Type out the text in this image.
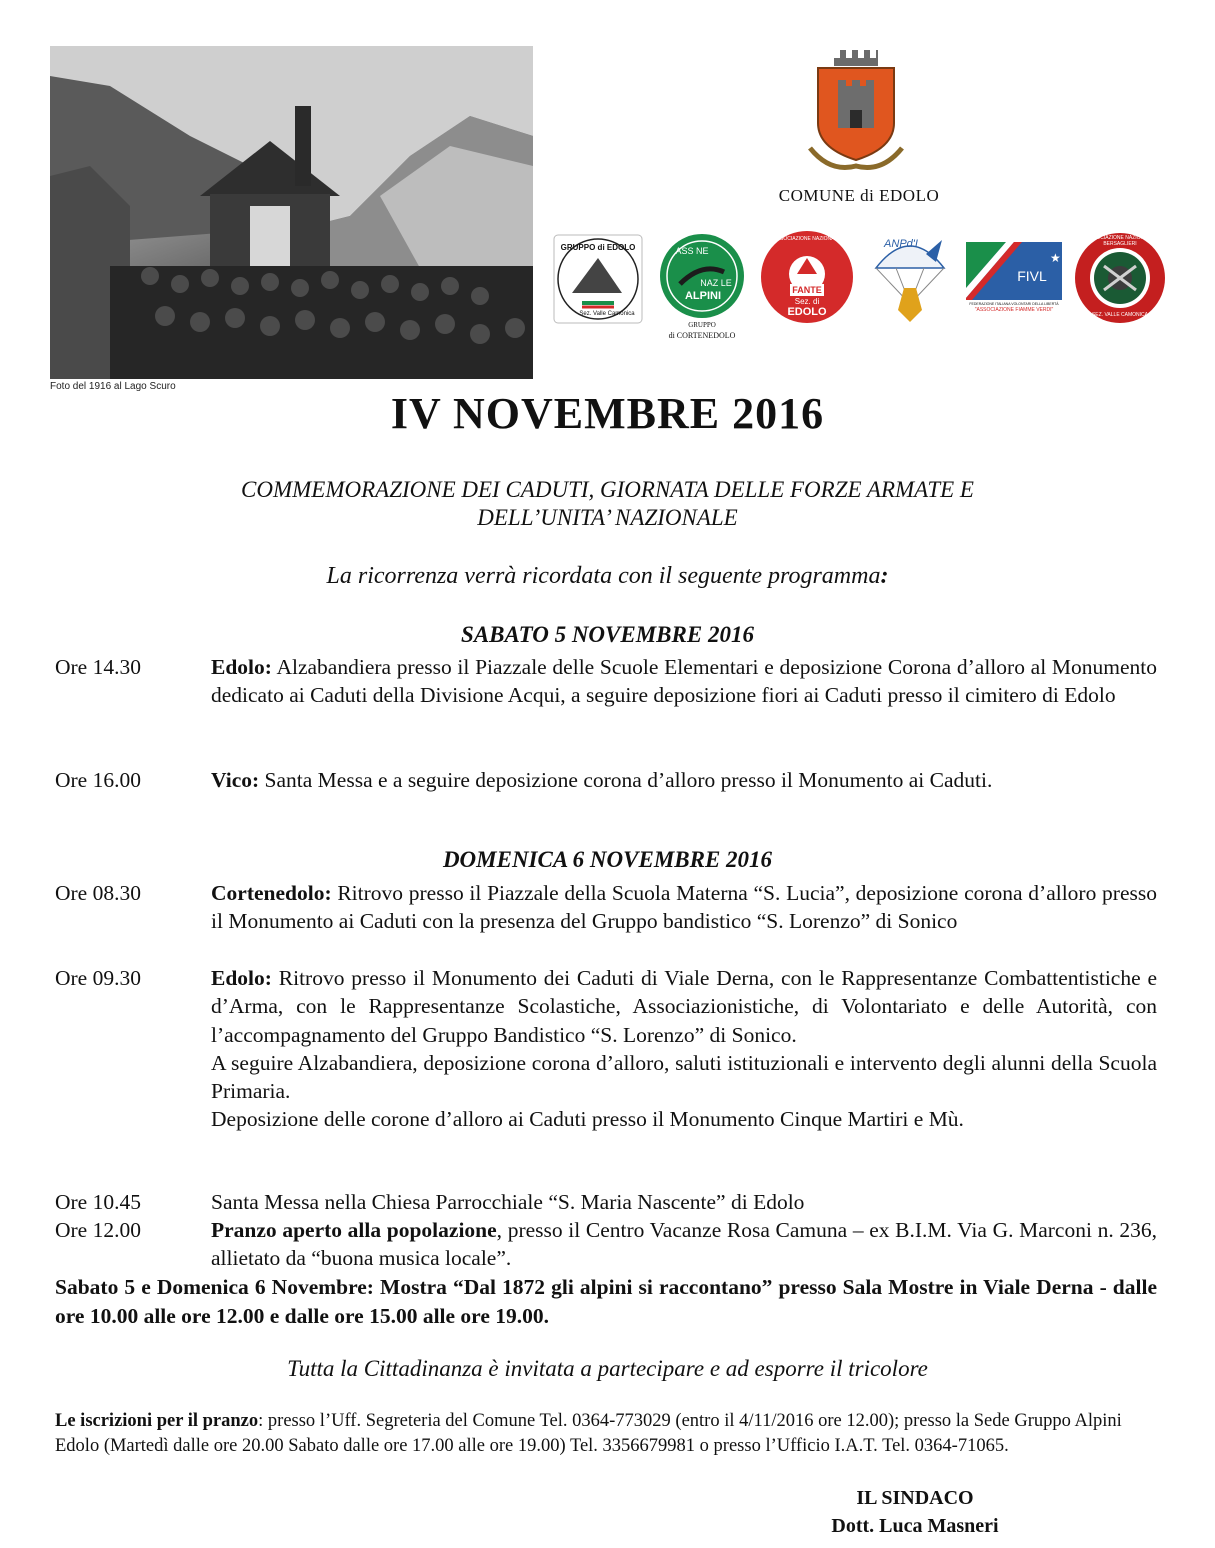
Foto del 1916 al Lago Scuro
COMUNE di EDOLO
GRUPPO di EDOLO
Sez. Valle Camonica
ASS NE
NAZ LE
ALPINI
GRUPPO
di CORTENEDOLO
ASSOCIAZIONE NAZIONALE
FANTE
Sez. di
EDOLO
ANPd'I
★
FIVL
FEDERAZIONE ITALIANA VOLONTARI DELLA LIBERTÀ
"ASSOCIAZIONE FIAMME VERDI"
ASSOCIAZIONE NAZIONALE BERSAGLIERI
SEZ. VALLE CAMONICA
IV NOVEMBRE 2016
COMMEMORAZIONE DEI CADUTI, GIORNATA DELLE FORZE ARMATE E
DELL’UNITA’ NAZIONALE
La ricorrenza verrà ricordata con il seguente programma:
SABATO 5 NOVEMBRE 2016
Ore 14.30	Edolo: Alzabandiera presso il Piazzale delle Scuole Elementari e deposizione Corona d’alloro al Monumento dedicato ai Caduti della Divisione Acqui, a seguire deposizione fiori ai Caduti presso il cimitero di Edolo
Ore 16.00	Vico: Santa Messa e a seguire deposizione corona d’alloro presso il Monumento ai Caduti.
DOMENICA 6 NOVEMBRE 2016
Ore 08.30	Cortenedolo: Ritrovo presso il Piazzale della Scuola Materna “S. Lucia”, deposizione corona d’alloro presso il Monumento ai Caduti con la presenza del Gruppo bandistico “S. Lorenzo” di Sonico
Ore 09.30	Edolo: Ritrovo presso il Monumento dei Caduti di Viale Derna, con le Rappresentanze Combattentistiche e d’Arma, con le Rappresentanze Scolastiche, Associazionistiche, di Volontariato e delle Autorità, con l’accompagnamento del Gruppo Bandistico “S. Lorenzo” di Sonico.

A seguire Alzabandiera, deposizione corona d’alloro, saluti istituzionali e intervento degli alunni della Scuola Primaria.

Deposizione delle corone d’alloro ai Caduti presso il Monumento Cinque Martiri e Mù.

Ore 10.45	Santa Messa nella Chiesa Parrocchiale “S. Maria Nascente” di Edolo
Ore 12.00	Pranzo aperto alla popolazione, presso il Centro Vacanze Rosa Camuna – ex B.I.M. Via G. Marconi n. 236, allietato da “buona musica locale”.
Sabato 5 e Domenica 6 Novembre: Mostra “Dal 1872 gli alpini si raccontano” presso Sala Mostre in Viale Derna - dalle ore 10.00 alle ore 12.00 e dalle ore 15.00 alle ore 19.00.
Tutta la Cittadinanza è invitata a partecipare e ad esporre il tricolore
Le iscrizioni per il pranzo: presso l’Uff. Segreteria del Comune Tel. 0364-773029 (entro il 4/11/2016 ore 12.00); presso la Sede Gruppo Alpini Edolo (Martedì dalle ore 20.00 Sabato dalle ore 17.00 alle ore 19.00) Tel. 3356679981 o presso l’Ufficio I.A.T. Tel. 0364-71065.
IL SINDACO
Dott. Luca Masneri
